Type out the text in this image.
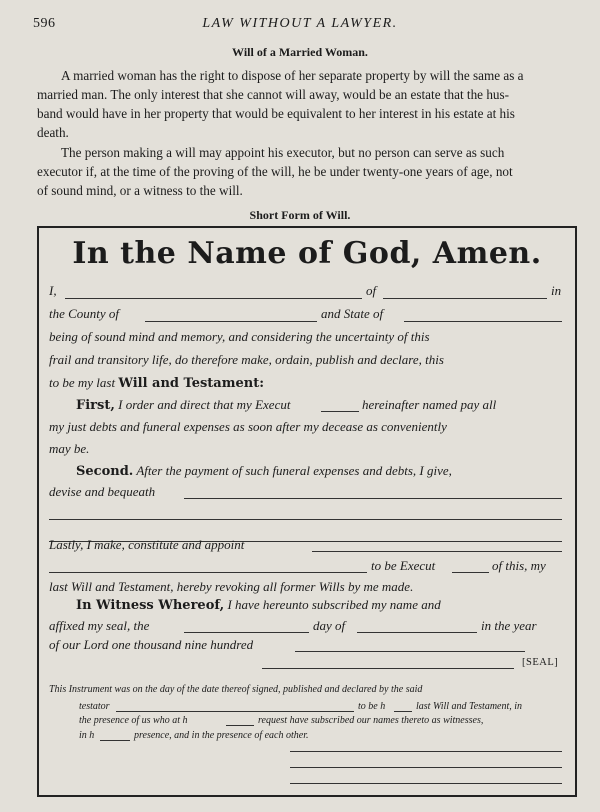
596	LAW WITHOUT A LAWYER.
Will of a Married Woman.
A married woman has the right to dispose of her separate property by will the same as a
married man. The only interest that she cannot will away, would be an estate that the hus-
band would have in her property that would be equivalent to her interest in his estate at his
death.
The person making a will may appoint his executor, but no person can serve as such
executor if, at the time of the proving of the will, he be under twenty-one years of age, not
of sound mind, or a witness to the will.
Short Form of Will.
In the Name of God, Amen.
I,	of	in
the County of	and State of
being of sound mind and memory, and considering the uncertainty of this
frail and transitory life, do therefore make, ordain, publish and declare, this
to be my last Will and Testament:
First, I order and direct that my Execut	hereinafter named pay all
my just debts and funeral expenses as soon after my decease as conveniently
may be.
Second. After the payment of such funeral expenses and debts, I give,
devise and bequeath
Lastly, I make, constitute and appoint
to be Execut	of this, my
last Will and Testament, hereby revoking all former Wills by me made.
In Witness Whereof, I have hereunto subscribed my name and
affixed my seal, the	day of	in the year
of our Lord one thousand nine hundred
[SEAL]
This Instrument was on the day of the date thereof signed, published and declared by the said
testator	to be h	last Will and Testament, in
the presence of us who at h	request have subscribed our names thereto as witnesses,
in h	presence, and in the presence of each other.
